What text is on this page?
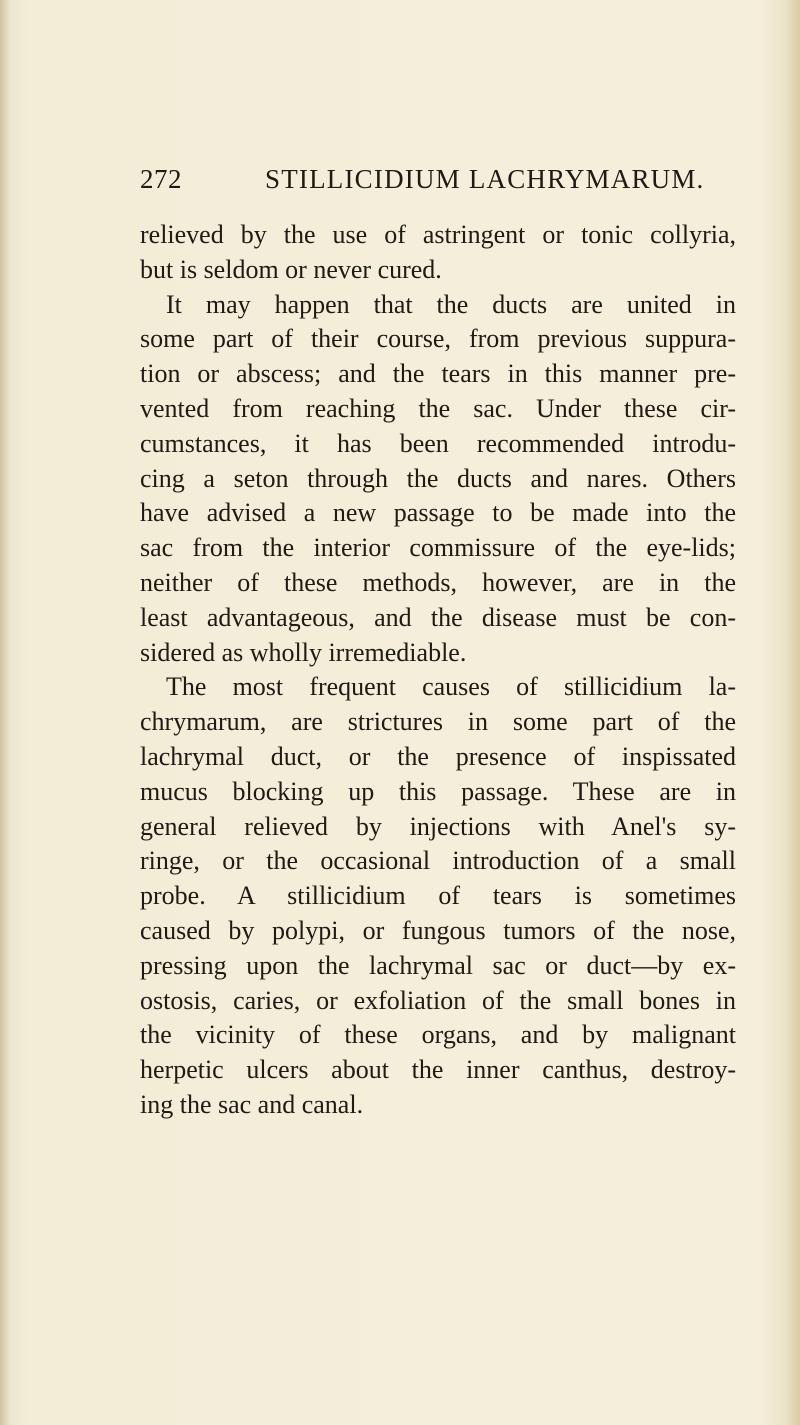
272	STILLICIDIUM LACHRYMARUM.
relieved by the use of astringent or tonic collyria,
but is seldom or never cured.
It may happen that the ducts are united in
some part of their course, from previous suppura-
tion or abscess; and the tears in this manner pre-
vented from reaching the sac. Under these cir-
cumstances, it has been recommended introdu-
cing a seton through the ducts and nares. Others
have advised a new passage to be made into the
sac from the interior commissure of the eye-lids;
neither of these methods, however, are in the
least advantageous, and the disease must be con-
sidered as wholly irremediable.
The most frequent causes of stillicidium la-
chrymarum, are strictures in some part of the
lachrymal duct, or the presence of inspissated
mucus blocking up this passage. These are in
general relieved by injections with Anel's sy-
ringe, or the occasional introduction of a small
probe. A stillicidium of tears is sometimes
caused by polypi, or fungous tumors of the nose,
pressing upon the lachrymal sac or duct—by ex-
ostosis, caries, or exfoliation of the small bones in
the vicinity of these organs, and by malignant
herpetic ulcers about the inner canthus, destroy-
ing the sac and canal.
